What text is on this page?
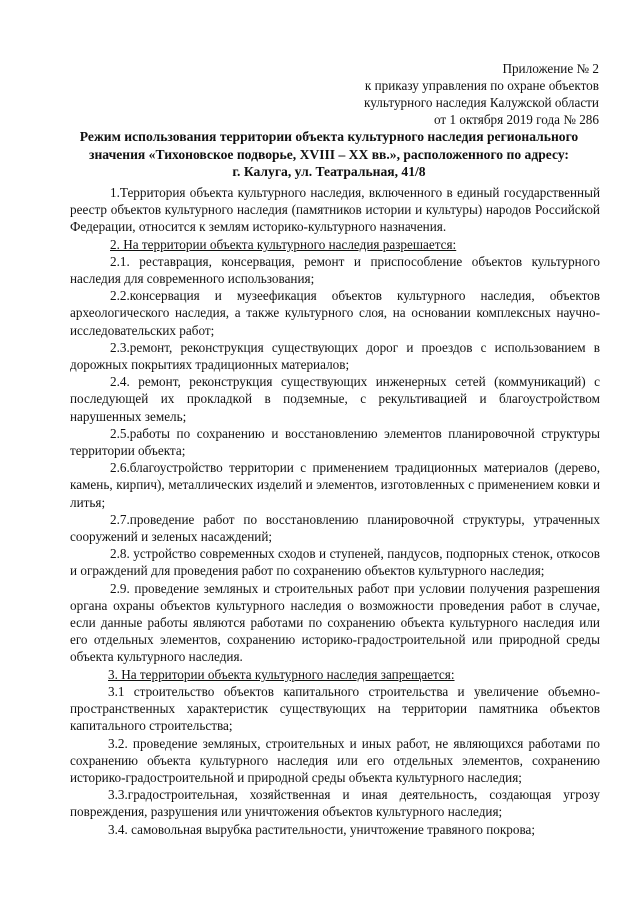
Приложение № 2
к приказу управления по охране объектов
культурного наследия Калужской области
от 1 октября 2019 года № 286
Режим использования территории объекта культурного наследия регионального
значения «Тихоновское подворье, XVIII – XX вв.», расположенного по адресу:
г. Калуга, ул. Театральная, 41/8

1.Территория объекта культурного наследия, включенного в единый государственный реестр объектов культурного наследия (памятников истории и культуры) народов Российской Федерации, относится к землям историко-культурного назначения.

2. На территории объекта культурного наследия разрешается:

2.1. реставрация, консервация, ремонт и приспособление объектов культурного наследия для современного использования;

2.2.консервация и музеефикация объектов культурного наследия, объектов археологического наследия, а также культурного слоя, на основании комплексных научно-исследовательских работ;

2.3.ремонт, реконструкция существующих дорог и проездов с использованием в дорожных покрытиях традиционных материалов;

2.4. ремонт, реконструкция существующих инженерных сетей (коммуникаций) с последующей их прокладкой в подземные, с рекультивацией и благоустройством нарушенных земель;

2.5.работы по сохранению и восстановлению элементов планировочной структуры территории объекта;

2.6.благоустройство территории с применением традиционных материалов (дерево, камень, кирпич), металлических изделий и элементов, изготовленных с применением ковки и литья;

2.7.проведение работ по восстановлению планировочной структуры, утраченных сооружений и зеленых насаждений;

2.8. устройство современных сходов и ступеней, пандусов, подпорных стенок, откосов и ограждений для проведения работ по сохранению объектов культурного наследия;

2.9. проведение земляных и строительных работ при условии получения разрешения органа охраны объектов культурного наследия о возможности проведения работ в случае, если данные работы являются работами по сохранению объекта культурного наследия или его отдельных элементов, сохранению историко-градостроительной или природной среды объекта культурного наследия.

3. На территории объекта культурного наследия запрещается:

3.1 строительство объектов капитального строительства и увеличение объемно-пространственных характеристик существующих на территории памятника объектов капитального строительства;

3.2. проведение земляных, строительных и иных работ, не являющихся работами по сохранению объекта культурного наследия или его отдельных элементов, сохранению историко-градостроительной и природной среды объекта культурного наследия;

3.3.градостроительная, хозяйственная и иная деятельность, создающая угрозу повреждения, разрушения или уничтожения объектов культурного наследия;

3.4. самовольная вырубка растительности, уничтожение травяного покрова;
